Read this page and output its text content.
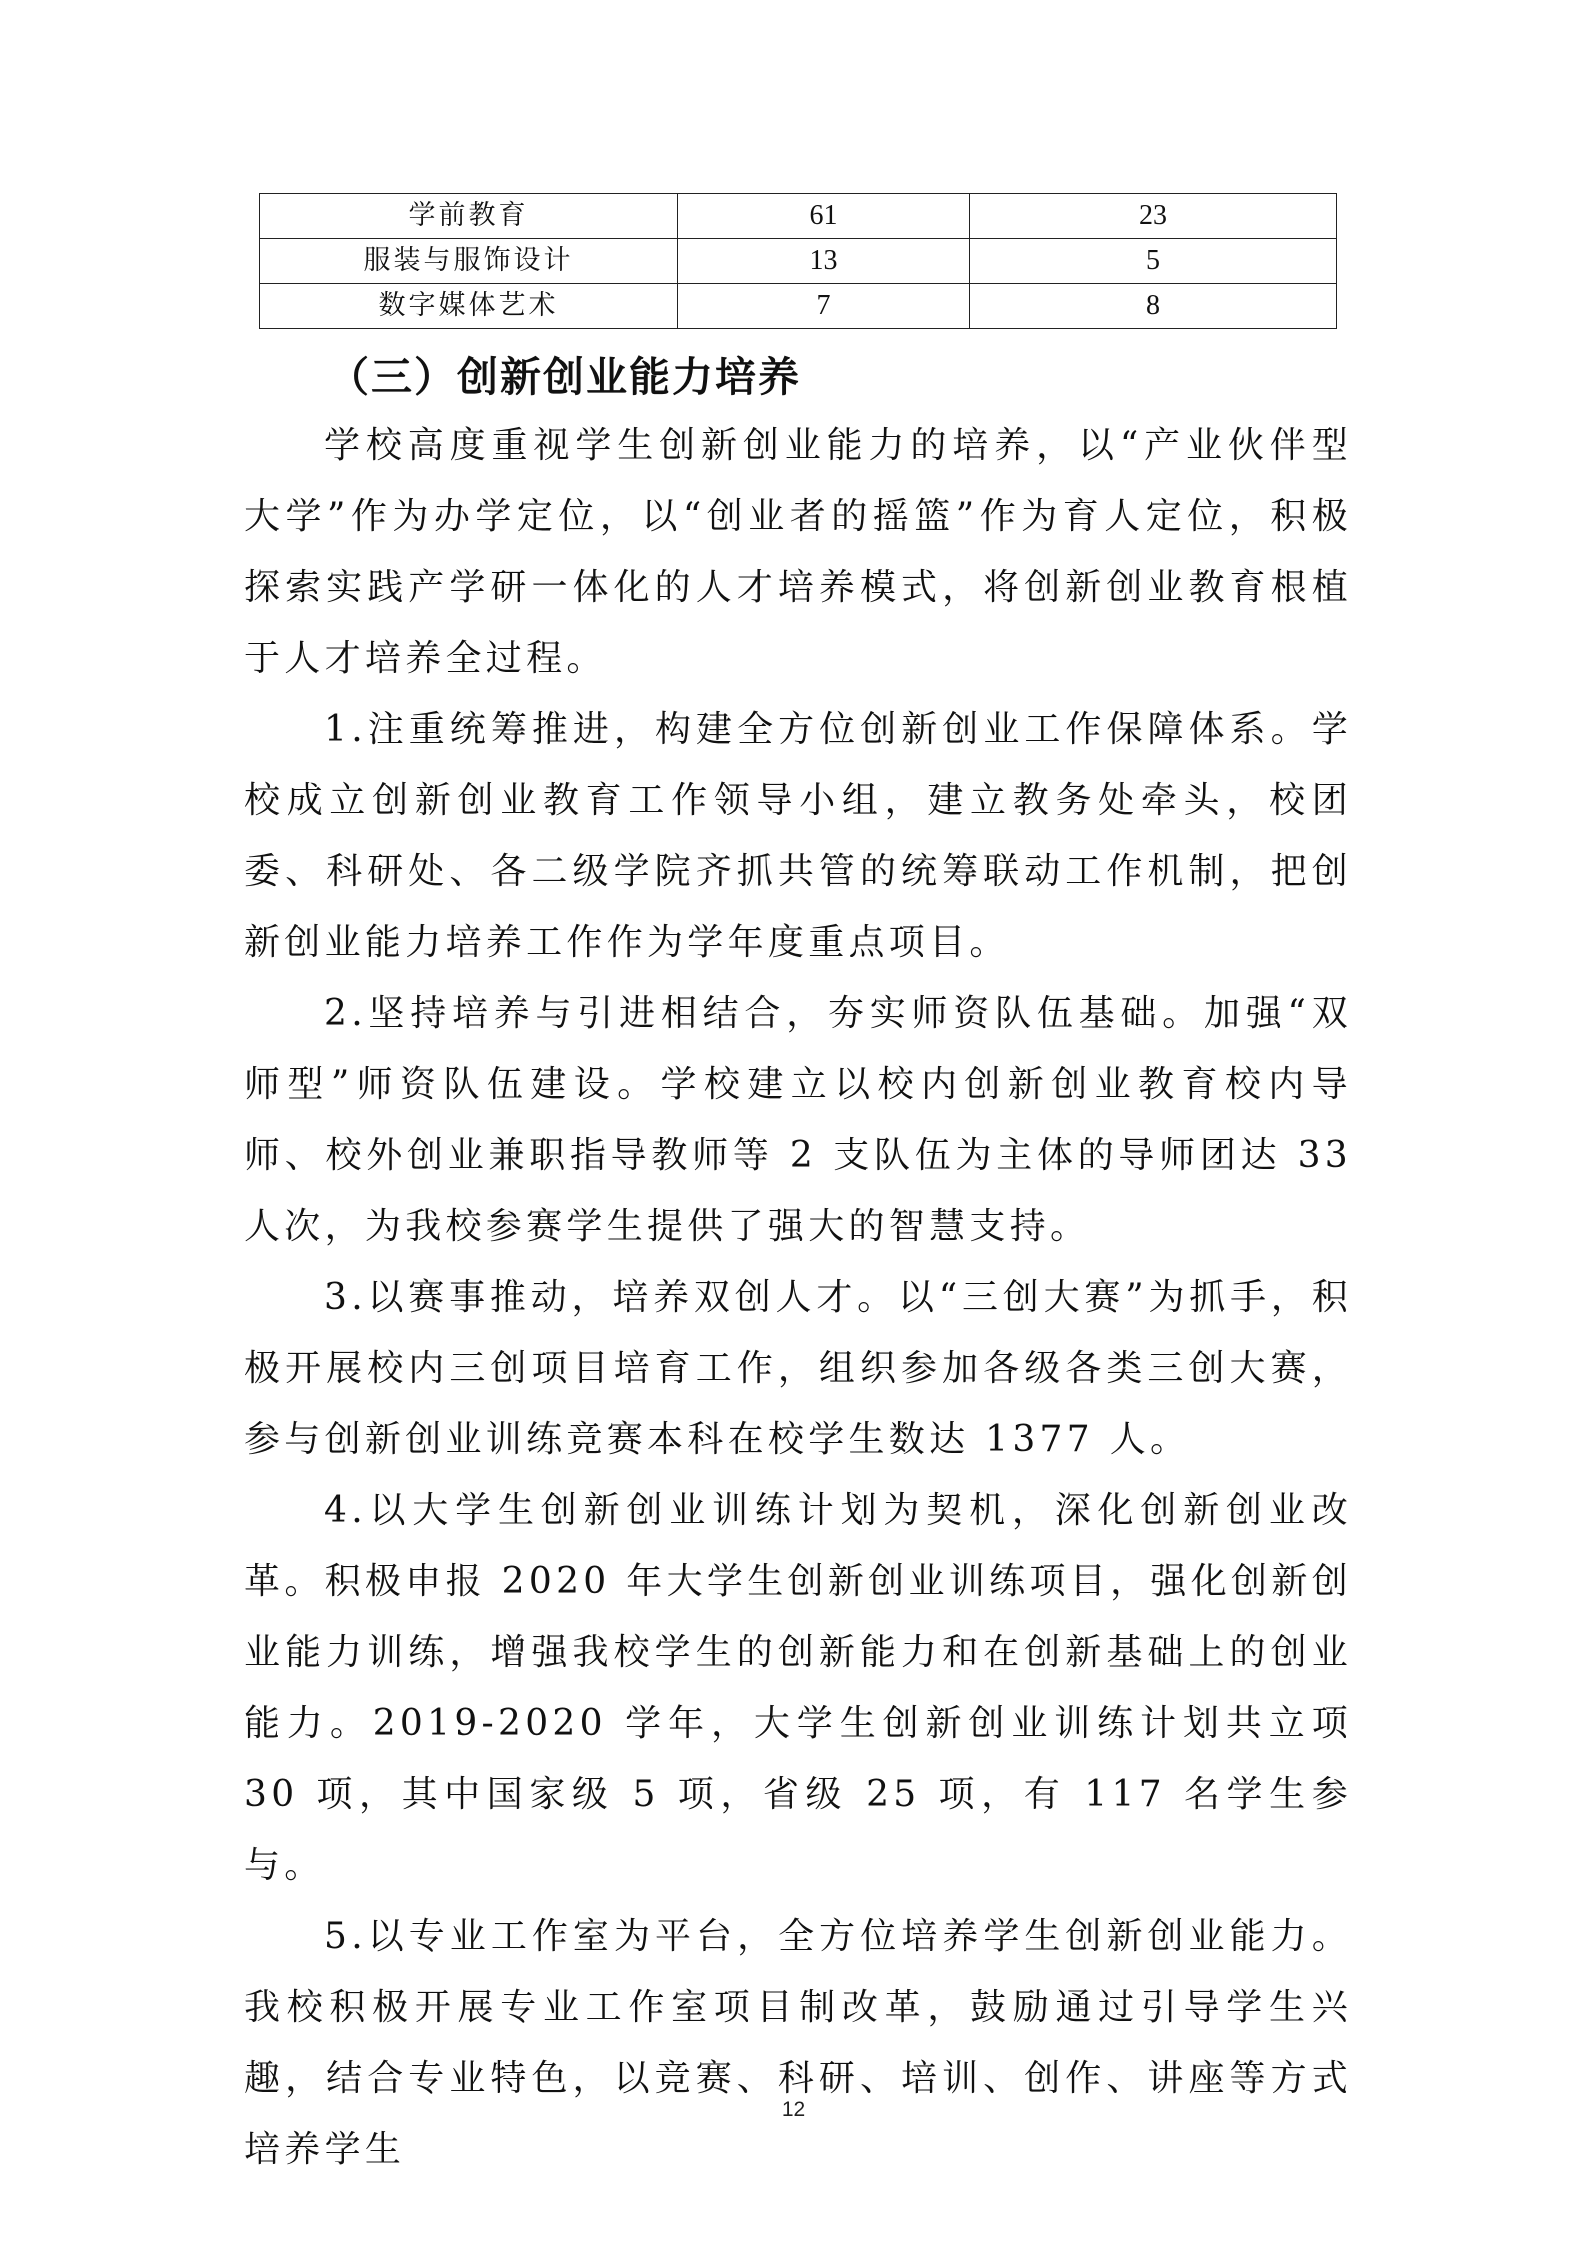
学前教育	61	23
服装与服饰设计	13	5
数字媒体艺术	7	8
（三）创新创业能力培养

学校高度重视学生创新创业能力的培养，以“产业伙伴型大学”作为办学定位，以“创业者的摇篮”作为育人定位，积极探索实践产学研一体化的人才培养模式，将创新创业教育根植于人才培养全过程。

1.注重统筹推进，构建全方位创新创业工作保障体系。学校成立创新创业教育工作领导小组，建立教务处牵头，校团委、科研处、各二级学院齐抓共管的统筹联动工作机制，把创新创业能力培养工作作为学年度重点项目。

2.坚持培养与引进相结合，夯实师资队伍基础。加强“双师型”师资队伍建设。学校建立以校内创新创业教育校内导师、校外创业兼职指导教师等 2 支队伍为主体的导师团达 33 人次，为我校参赛学生提供了强大的智慧支持。

3.以赛事推动，培养双创人才。以“三创大赛”为抓手，积极开展校内三创项目培育工作，组织参加各级各类三创大赛，参与创新创业训练竞赛本科在校学生数达 1377 人。

4.以大学生创新创业训练计划为契机，深化创新创业改革。积极申报 2020 年大学生创新创业训练项目，强化创新创业能力训练，增强我校学生的创新能力和在创新基础上的创业能力。2019-2020 学年，大学生创新创业训练计划共立项 30 项，其中国家级 5 项，省级 25 项，有 117 名学生参与。

5.以专业工作室为平台，全方位培养学生创新创业能力。我校积极开展专业工作室项目制改革，鼓励通过引导学生兴趣，结合专业特色，以竞赛、科研、培训、创作、讲座等方式培养学生

12
